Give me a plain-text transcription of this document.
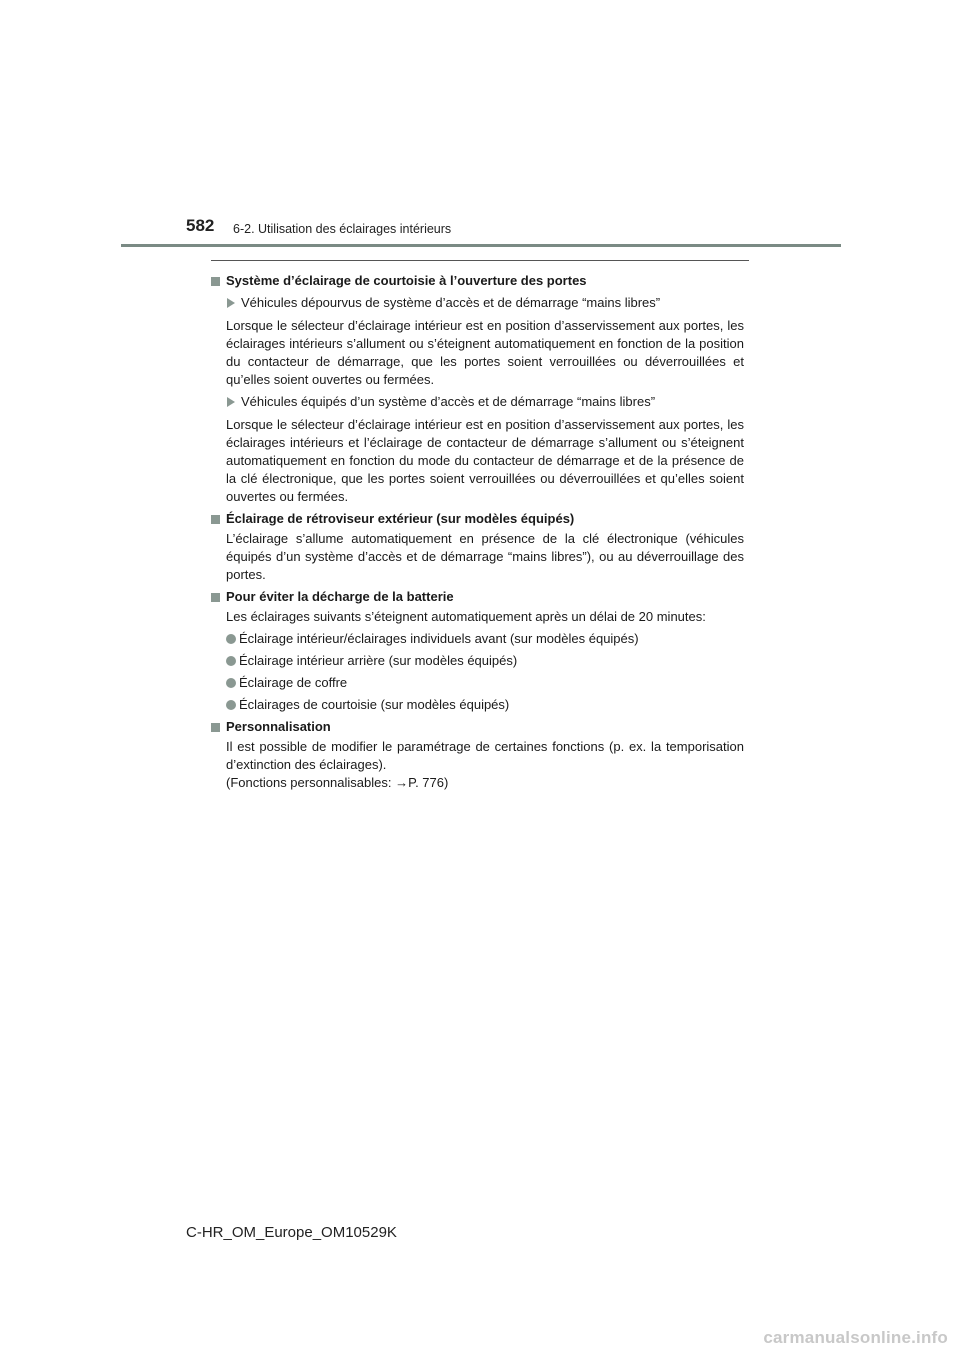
582 6-2. Utilisation des éclairages intérieurs
Système d’éclairage de courtoisie à l’ouverture des portes
Véhicules dépourvus de système d’accès et de démarrage “mains libres”
Lorsque le sélecteur d’éclairage intérieur est en position d’asservissement aux portes, les éclairages intérieurs s’allument ou s’éteignent automatiquement en fonction de la position du contacteur de démarrage, que les portes soient verrouillées ou déverrouillées et qu’elles soient ouvertes ou fermées.
Véhicules équipés d’un système d’accès et de démarrage “mains libres”
Lorsque le sélecteur d’éclairage intérieur est en position d’asservissement aux portes, les éclairages intérieurs et l’éclairage de contacteur de démarrage s’allument ou s’éteignent automatiquement en fonction du mode du contacteur de démarrage et de la présence de la clé électronique, que les portes soient verrouillées ou déverrouillées et qu’elles soient ouvertes ou fermées.
Éclairage de rétroviseur extérieur (sur modèles équipés)
L’éclairage s’allume automatiquement en présence de la clé électronique (véhicules équipés d’un système d’accès et de démarrage “mains libres”), ou au déverrouillage des portes.
Pour éviter la décharge de la batterie
Les éclairages suivants s’éteignent automatiquement après un délai de 20 minutes:
Éclairage intérieur/éclairages individuels avant (sur modèles équipés)
Éclairage intérieur arrière (sur modèles équipés)
Éclairage de coffre
Éclairages de courtoisie (sur modèles équipés)
Personnalisation
Il est possible de modifier le paramétrage de certaines fonctions (p. ex. la temporisation d’extinction des éclairages).
(Fonctions personnalisables: →P. 776)
C-HR_OM_Europe_OM10529K
carmanualsonline.info
